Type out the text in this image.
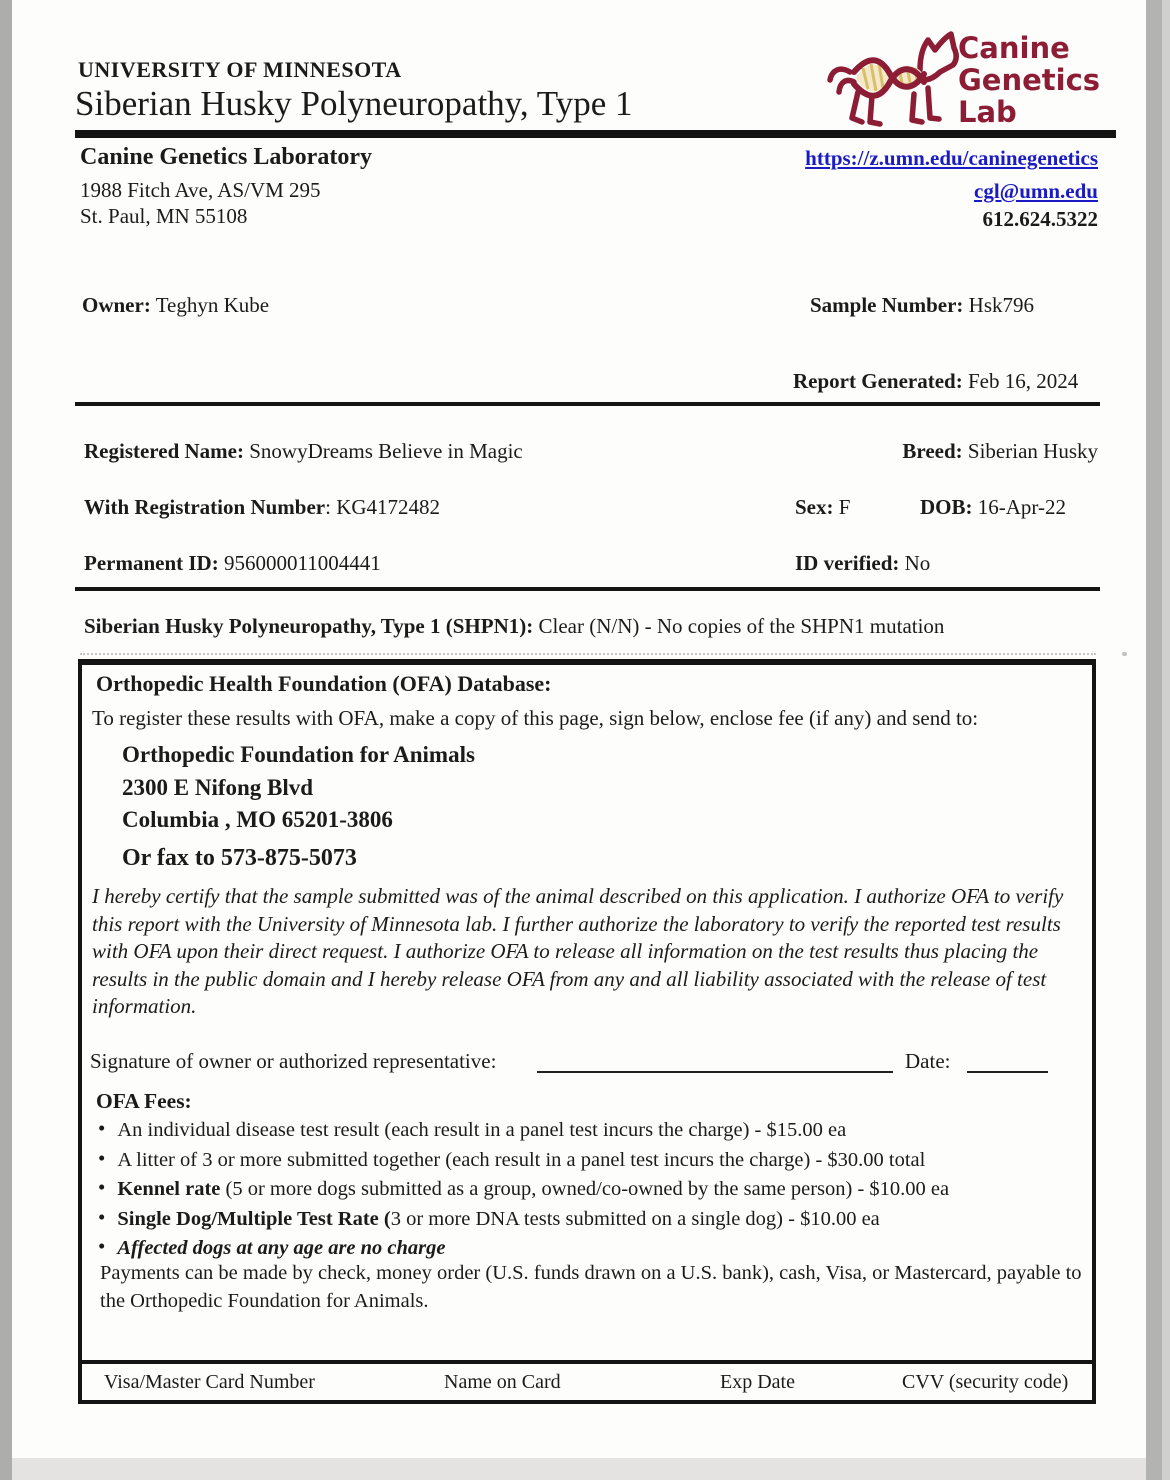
UNIVERSITY OF MINNESOTA
Siberian Husky Polyneuropathy, Type 1
Canine
Genetics
Lab
Canine Genetics Laboratory
1988 Fitch Ave, AS/VM 295
St. Paul, MN 55108
https://z.umn.edu/caninegenetics
cgl@umn.edu
612.624.5322
Owner: Teghyn Kube	Sample Number: Hsk796
Report Generated: Feb 16, 2024
Registered Name: SnowyDreams Believe in Magic	Breed: Siberian Husky
With Registration Number: KG4172482	Sex: F	DOB: 16-Apr-22
Permanent ID: 956000011004441	ID verified: No
Siberian Husky Polyneuropathy, Type 1 (SHPN1): Clear (N/N) - No copies of the SHPN1 mutation
Orthopedic Health Foundation (OFA) Database:
To register these results with OFA, make a copy of this page, sign below, enclose fee (if any) and send to:
Orthopedic Foundation for Animals
2300 E Nifong Blvd
Columbia , MO 65201-3806
Or fax to 573-875-5073
I hereby certify that the sample submitted was of the animal described on this application. I authorize OFA to verify this report with the University of Minnesota lab. I further authorize the laboratory to verify the reported test results with OFA upon their direct request. I authorize OFA to release all information on the test results thus placing the results in the public domain and I hereby release OFA from any and all liability associated with the release of test information.
Signature of owner or authorized representative:	Date:
OFA Fees:
• An individual disease test result (each result in a panel test incurs the charge) - $15.00 ea
• A litter of 3 or more submitted together (each result in a panel test incurs the charge) - $30.00 total
• Kennel rate (5 or more dogs submitted as a group, owned/co-owned by the same person) - $10.00 ea
• Single Dog/Multiple Test Rate (3 or more DNA tests submitted on a single dog) - $10.00 ea
• Affected dogs at any age are no charge
Payments can be made by check, money order (U.S. funds drawn on a U.S. bank), cash, Visa, or Mastercard, payable to the Orthopedic Foundation for Animals.
Visa/Master Card Number	Name on Card	Exp Date	CVV (security code)
